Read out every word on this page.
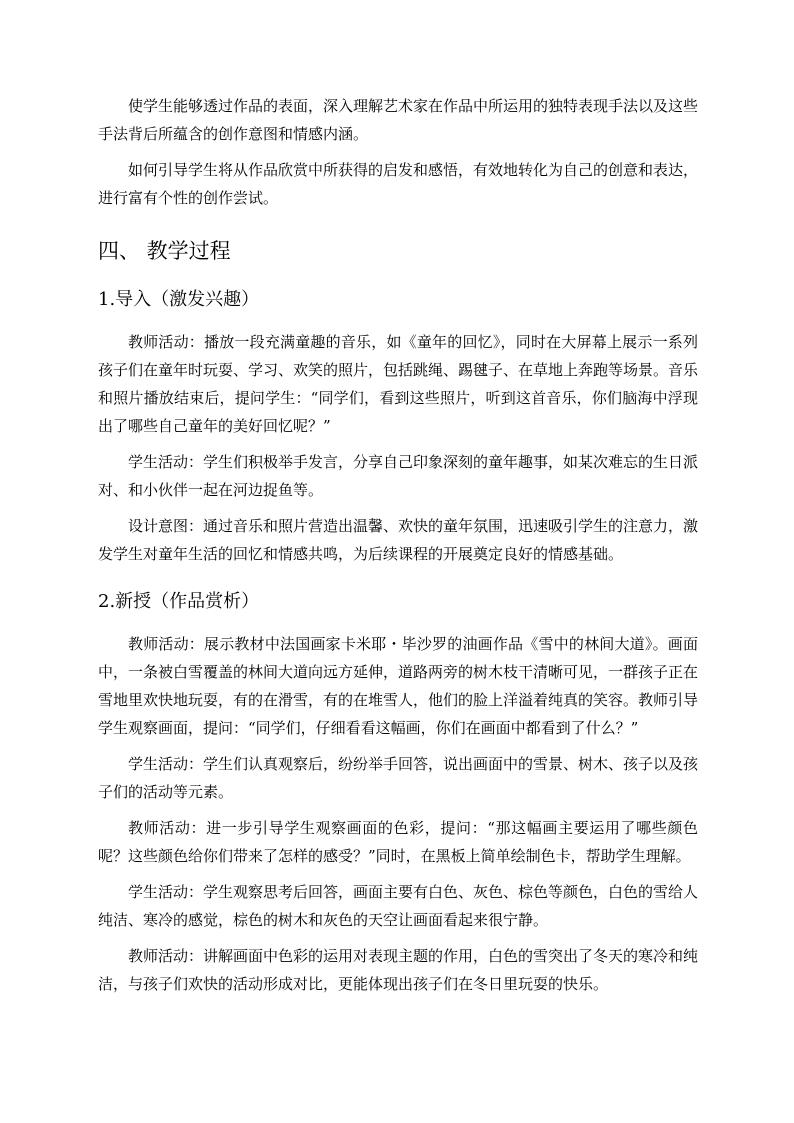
使学生能够透过作品的表面，深入理解艺术家在作品中所运用的独特表现手法以及这些手法背后所蕴含的创作意图和情感内涵。

如何引导学生将从作品欣赏中所获得的启发和感悟，有效地转化为自己的创意和表达，进行富有个性的创作尝试。

四、 教学过程
1.导入（激发兴趣）

教师活动：播放一段充满童趣的音乐，如《童年的回忆》，同时在大屏幕上展示一系列孩子们在童年时玩耍、学习、欢笑的照片，包括跳绳、踢毽子、在草地上奔跑等场景。音乐和照片播放结束后，提问学生：“同学们，看到这些照片，听到这首音乐，你们脑海中浮现出了哪些自己童年的美好回忆呢？”

学生活动：学生们积极举手发言，分享自己印象深刻的童年趣事，如某次难忘的生日派对、和小伙伴一起在河边捉鱼等。

设计意图：通过音乐和照片营造出温馨、欢快的童年氛围，迅速吸引学生的注意力，激发学生对童年生活的回忆和情感共鸣，为后续课程的开展奠定良好的情感基础。

2.新授（作品赏析）

教师活动：展示教材中法国画家卡米耶・毕沙罗的油画作品《雪中的林间大道》。画面中，一条被白雪覆盖的林间大道向远方延伸，道路两旁的树木枝干清晰可见，一群孩子正在雪地里欢快地玩耍，有的在滑雪，有的在堆雪人，他们的脸上洋溢着纯真的笑容。教师引导学生观察画面，提问：“同学们，仔细看看这幅画，你们在画面中都看到了什么？”

学生活动：学生们认真观察后，纷纷举手回答，说出画面中的雪景、树木、孩子以及孩子们的活动等元素。

教师活动：进一步引导学生观察画面的色彩，提问：“那这幅画主要运用了哪些颜色呢？这些颜色给你们带来了怎样的感受？”同时，在黑板上简单绘制色卡，帮助学生理解。

学生活动：学生观察思考后回答，画面主要有白色、灰色、棕色等颜色，白色的雪给人纯洁、寒冷的感觉，棕色的树木和灰色的天空让画面看起来很宁静。

教师活动：讲解画面中色彩的运用对表现主题的作用，白色的雪突出了冬天的寒冷和纯洁，与孩子们欢快的活动形成对比，更能体现出孩子们在冬日里玩耍的快乐。
